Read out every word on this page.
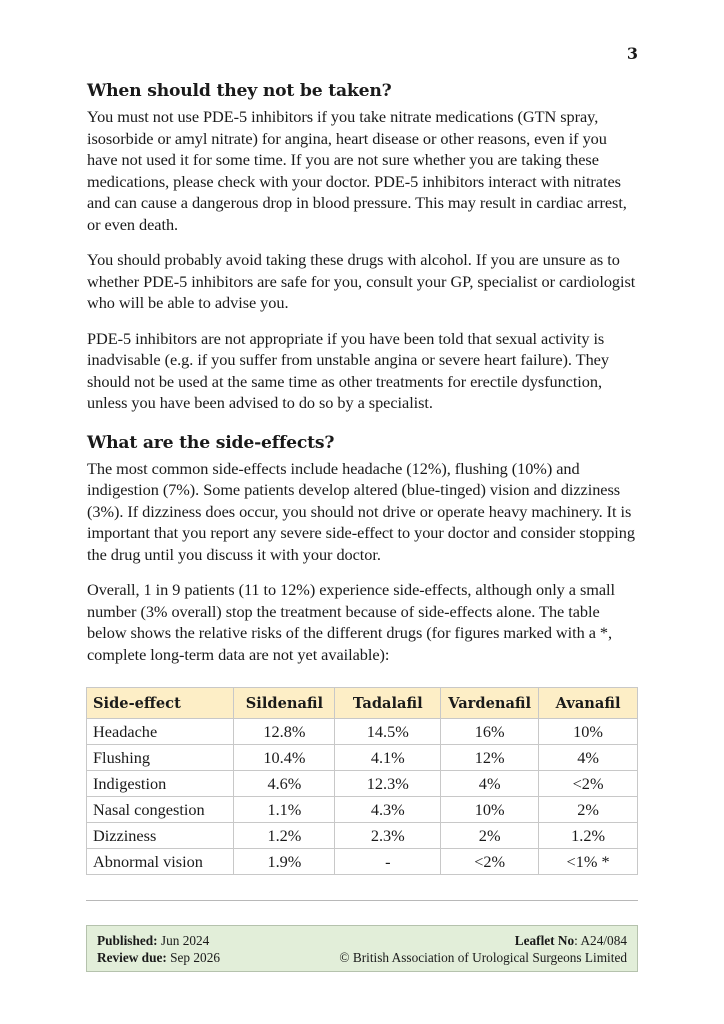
3
When should they not be taken?

You must not use PDE-5 inhibitors if you take nitrate medications (GTN spray, isosorbide or amyl nitrate) for angina, heart disease or other reasons, even if you have not used it for some time. If you are not sure whether you are taking these medications, please check with your doctor. PDE-5 inhibitors interact with nitrates and can cause a dangerous drop in blood pressure. This may result in cardiac arrest, or even death.

You should probably avoid taking these drugs with alcohol. If you are unsure as to whether PDE-5 inhibitors are safe for you, consult your GP, specialist or cardiologist who will be able to advise you.

PDE-5 inhibitors are not appropriate if you have been told that sexual activity is inadvisable (e.g. if you suffer from unstable angina or severe heart failure). They should not be used at the same time as other treatments for erectile dysfunction, unless you have been advised to do so by a specialist.

What are the side-effects?

The most common side-effects include headache (12%), flushing (10%) and indigestion (7%). Some patients develop altered (blue-tinged) vision and dizziness (3%). If dizziness does occur, you should not drive or operate heavy machinery. It is important that you report any severe side-effect to your doctor and consider stopping the drug until you discuss it with your doctor.

Overall, 1 in 9 patients (11 to 12%) experience side-effects, although only a small number (3% overall) stop the treatment because of side-effects alone. The table below shows the relative risks of the different drugs (for figures marked with a *, complete long-term data are not yet available):

Side-effect	Sildenafil	Tadalafil	Vardenafil	Avanafil
Headache	12.8%	14.5%	16%	10%
Flushing	10.4%	4.1%	12%	4%
Indigestion	4.6%	12.3%	4%	<2%
Nasal congestion	1.1%	4.3%	10%	2%
Dizziness	1.2%	2.3%	2%	1.2%
Abnormal vision	1.9%	-	<2%	<1% *
Published: Jun 2024
Review due: Sep 2026
Leaflet No: A24/084
© British Association of Urological Surgeons Limited
